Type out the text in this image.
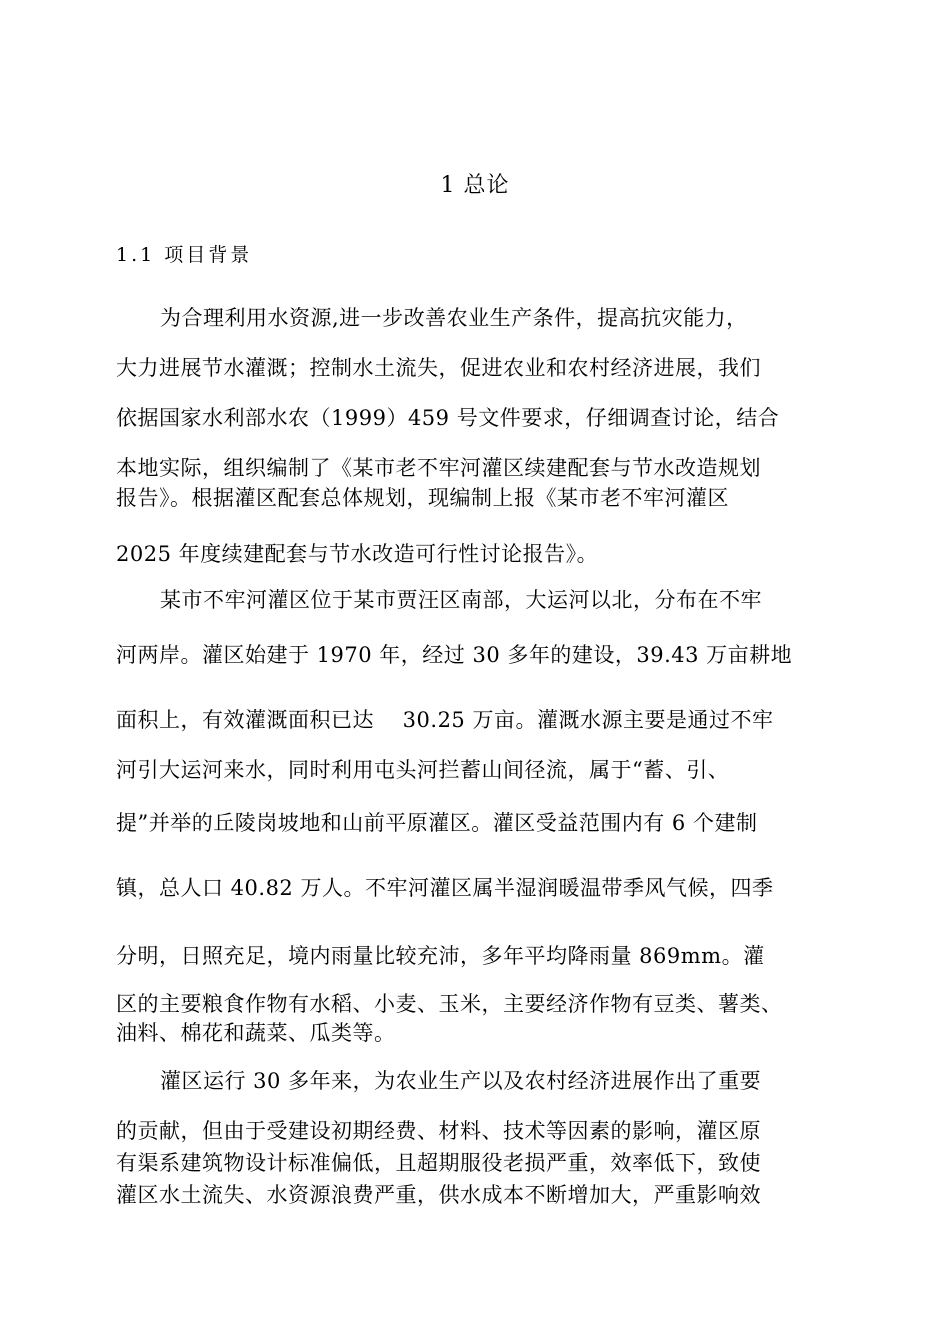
1 总论
1.1 项目背景
为合理利用水资源,进一步改善农业生产条件，提高抗灾能力，
大力进展节水灌溉；控制水土流失，促进农业和农村经济进展，我们
依据国家水利部水农（1999）459 号文件要求，仔细调查讨论，结合
本地实际，组织编制了《某市老不牢河灌区续建配套与节水改造规划
报告》。根据灌区配套总体规划，现编制上报《某市老不牢河灌区
2025 年度续建配套与节水改造可行性讨论报告》。
某市不牢河灌区位于某市贾汪区南部，大运河以北，分布在不牢
河两岸。灌区始建于 1970 年，经过 30 多年的建设，39.43 万亩耕地
面积上，有效灌溉面积已达　 30.25 万亩。灌溉水源主要是通过不牢
河引大运河来水，同时利用屯头河拦蓄山间径流，属于“蓄、引、
提”并举的丘陵岗坡地和山前平原灌区。灌区受益范围内有 6 个建制
镇，总人口 40.82 万人。不牢河灌区属半湿润暖温带季风气候，四季
分明，日照充足，境内雨量比较充沛，多年平均降雨量 869mm。灌
区的主要粮食作物有水稻、小麦、玉米，主要经济作物有豆类、薯类、
油料、棉花和蔬菜、瓜类等。
灌区运行 30 多年来，为农业生产以及农村经济进展作出了重要
的贡献，但由于受建设初期经费、材料、技术等因素的影响，灌区原
有渠系建筑物设计标准偏低，且超期服役老损严重，效率低下，致使
灌区水土流失、水资源浪费严重，供水成本不断增加大，严重影响效
